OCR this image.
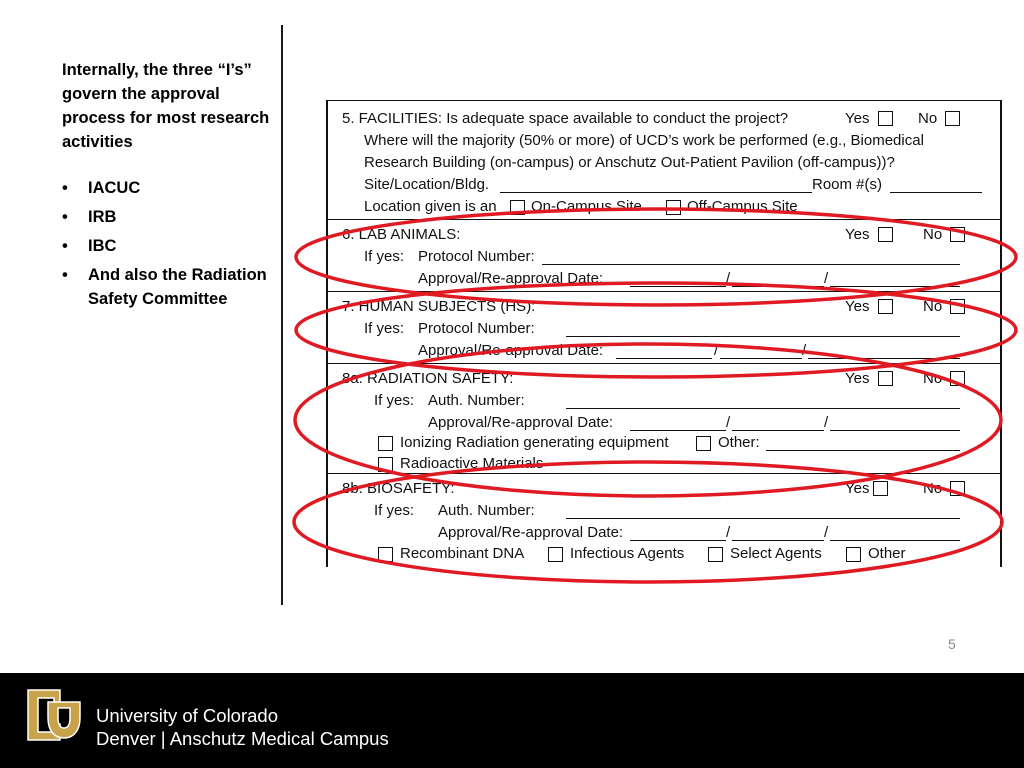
Internally, the three “I’s” govern the approval process for most research activities

• IACUC
• IRB
• IBC
• And also the Radiation Safety Committee
5. FACILITIES: Is adequate space available to conduct the project?	Yes	No
Where will the majority (50% or more) of UCD’s work be performed (e.g., Biomedical
Research Building (on-campus) or Anschutz Out-Patient Pavilion (off-campus))?
Site/Location/Bldg.	Room #(s)
Location given is an On-Campus Site	Off-Campus Site
6. LAB ANIMALS:	Yes	No
If yes: Protocol Number:
Approval/Re-approval Date:	/	/
7. HUMAN SUBJECTS (HS):	Yes	No
If yes: Protocol Number:
Approval/Re-approval Date:	/	/
8a. RADIATION SAFETY:	Yes	No
If yes: Auth. Number:
Approval/Re-approval Date:	/	/
Ionizing Radiation generating equipment	Other:
Radioactive Materials
8b. BIOSAFETY:	Yes	No
If yes: Auth. Number:
Approval/Re-approval Date:	/	/
Recombinant DNA	Infectious Agents	Select Agents	Other
5
University of Colorado
Denver | Anschutz Medical Campus
